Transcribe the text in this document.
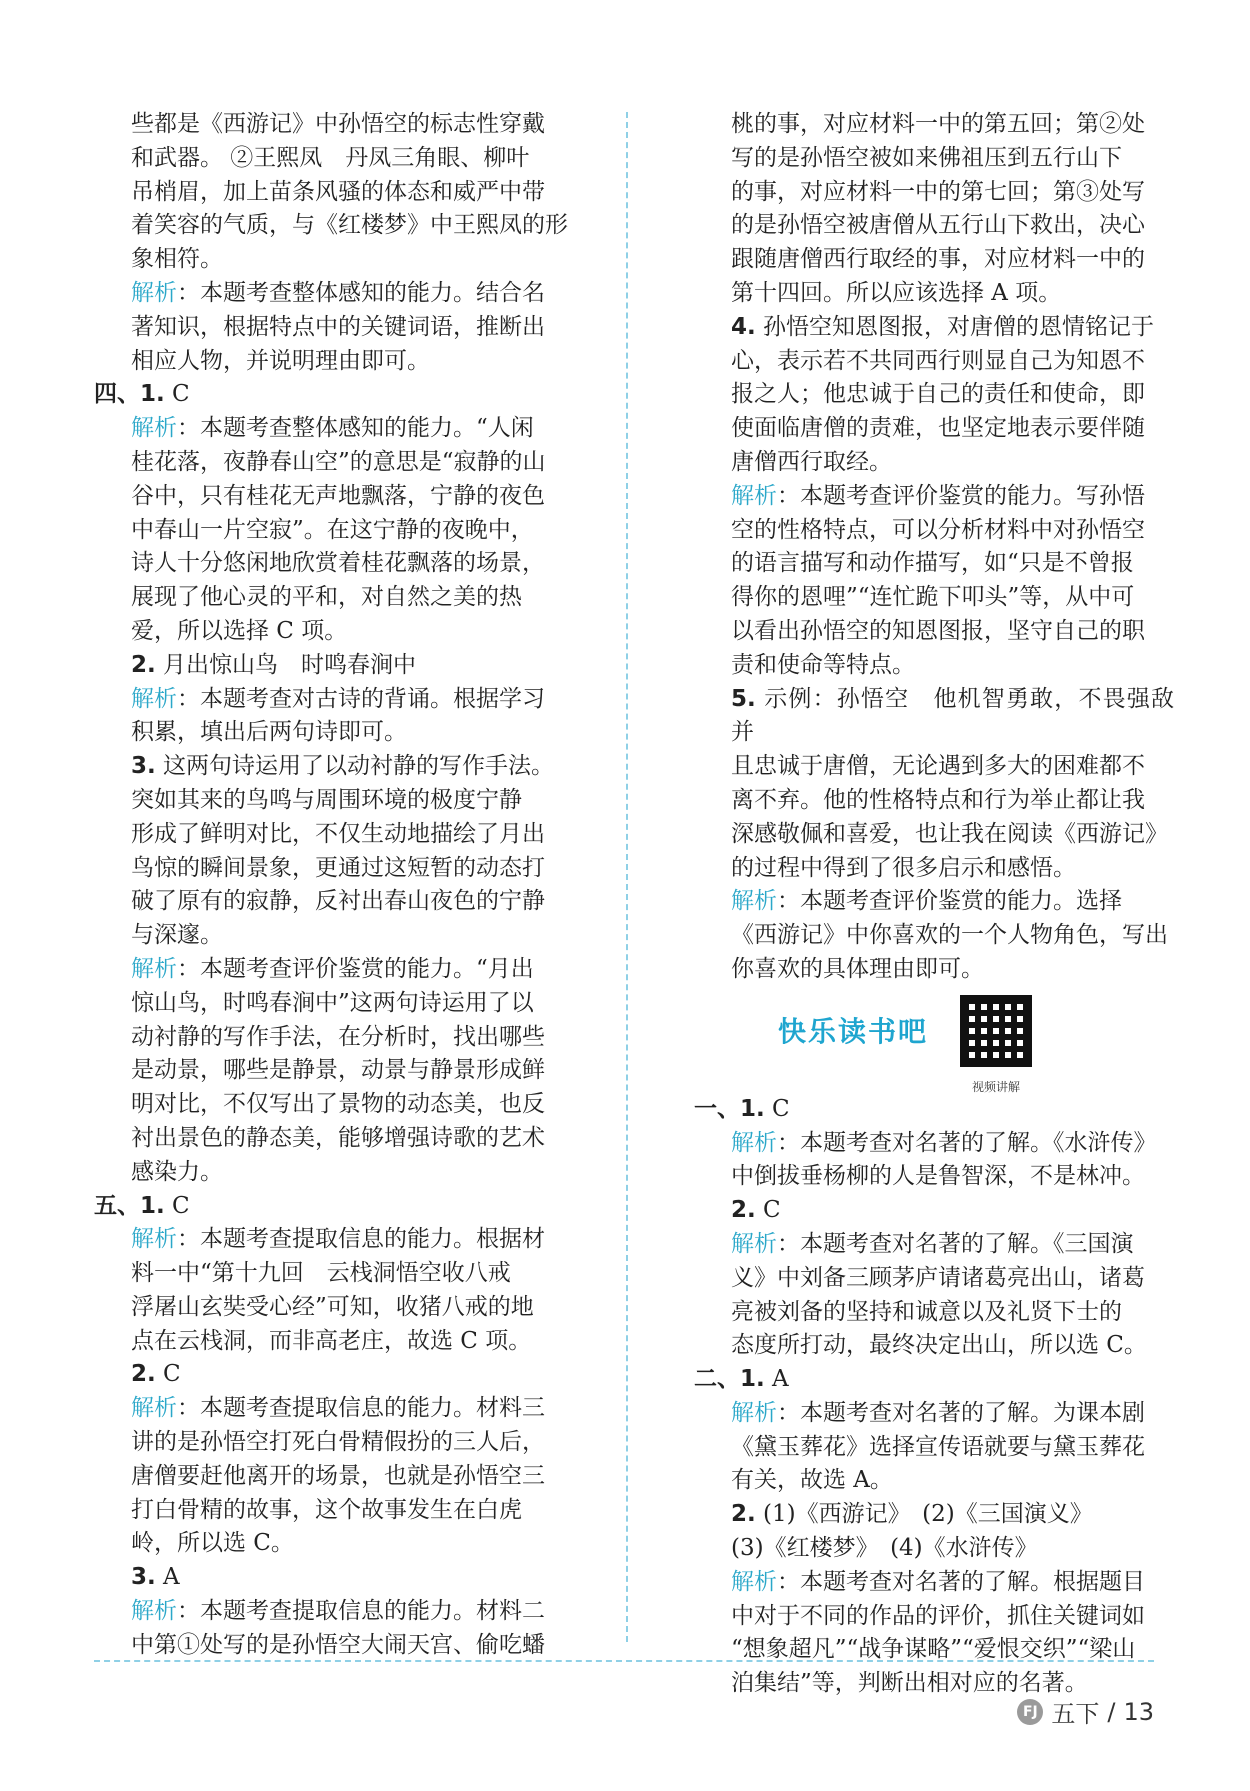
些都是《西游记》中孙悟空的标志性穿戴

和武器。 ②王熙凤　丹凤三角眼、柳叶

吊梢眉，加上苗条风骚的体态和威严中带

着笑容的气质，与《红楼梦》中王熙凤的形

象相符。

解析：本题考查整体感知的能力。结合名

著知识，根据特点中的关键词语，推断出

相应人物，并说明理由即可。

四、1. C

解析：本题考查整体感知的能力。“人闲

桂花落，夜静春山空”的意思是“寂静的山

谷中，只有桂花无声地飘落，宁静的夜色

中春山一片空寂”。在这宁静的夜晚中，

诗人十分悠闲地欣赏着桂花飘落的场景，

展现了他心灵的平和，对自然之美的热

爱，所以选择 C 项。

2. 月出惊山鸟　时鸣春涧中

解析：本题考查对古诗的背诵。根据学习

积累，填出后两句诗即可。

3. 这两句诗运用了以动衬静的写作手法。

突如其来的鸟鸣与周围环境的极度宁静

形成了鲜明对比，不仅生动地描绘了月出

鸟惊的瞬间景象，更通过这短暂的动态打

破了原有的寂静，反衬出春山夜色的宁静

与深邃。

解析：本题考查评价鉴赏的能力。“月出

惊山鸟，时鸣春涧中”这两句诗运用了以

动衬静的写作手法，在分析时，找出哪些

是动景，哪些是静景，动景与静景形成鲜

明对比，不仅写出了景物的动态美，也反

衬出景色的静态美，能够增强诗歌的艺术

感染力。

五、1. C

解析：本题考查提取信息的能力。根据材

料一中“第十九回　云栈洞悟空收八戒

浮屠山玄奘受心经”可知，收猪八戒的地

点在云栈洞，而非高老庄，故选 C 项。

2. C

解析：本题考查提取信息的能力。材料三

讲的是孙悟空打死白骨精假扮的三人后，

唐僧要赶他离开的场景，也就是孙悟空三

打白骨精的故事，这个故事发生在白虎

岭，所以选 C。

3. A

解析：本题考查提取信息的能力。材料二

中第①处写的是孙悟空大闹天宫、偷吃蟠

桃的事，对应材料一中的第五回；第②处

写的是孙悟空被如来佛祖压到五行山下

的事，对应材料一中的第七回；第③处写

的是孙悟空被唐僧从五行山下救出，决心

跟随唐僧西行取经的事，对应材料一中的

第十四回。所以应该选择 A 项。

4. 孙悟空知恩图报，对唐僧的恩情铭记于

心，表示若不共同西行则显自己为知恩不

报之人；他忠诚于自己的责任和使命，即

使面临唐僧的责难，也坚定地表示要伴随

唐僧西行取经。

解析：本题考查评价鉴赏的能力。写孙悟

空的性格特点，可以分析材料中对孙悟空

的语言描写和动作描写，如“只是不曾报

得你的恩哩”“连忙跪下叩头”等，从中可

以看出孙悟空的知恩图报，坚守自己的职

责和使命等特点。

5. 示例：孙悟空　他机智勇敢，不畏强敌并

且忠诚于唐僧，无论遇到多大的困难都不

离不弃。他的性格特点和行为举止都让我

深感敬佩和喜爱，也让我在阅读《西游记》

的过程中得到了很多启示和感悟。

解析：本题考查评价鉴赏的能力。选择

《西游记》中你喜欢的一个人物角色，写出

你喜欢的具体理由即可。

快乐读书吧
视频讲解

一、1. C

解析：本题考查对名著的了解。《水浒传》

中倒拔垂杨柳的人是鲁智深，不是林冲。

2. C

解析：本题考查对名著的了解。《三国演

义》中刘备三顾茅庐请诸葛亮出山，诸葛

亮被刘备的坚持和诚意以及礼贤下士的

态度所打动，最终决定出山，所以选 C。

二、1. A

解析：本题考查对名著的了解。为课本剧

《黛玉葬花》选择宣传语就要与黛玉葬花

有关，故选 A。

2. (1)《西游记》　(2)《三国演义》

(3)《红楼梦》　(4)《水浒传》

解析：本题考查对名著的了解。根据题目

中对于不同的作品的评价，抓住关键词如

“想象超凡”“战争谋略”“爱恨交织”“梁山

泊集结”等，判断出相对应的名著。

FJ 五下 / 13
